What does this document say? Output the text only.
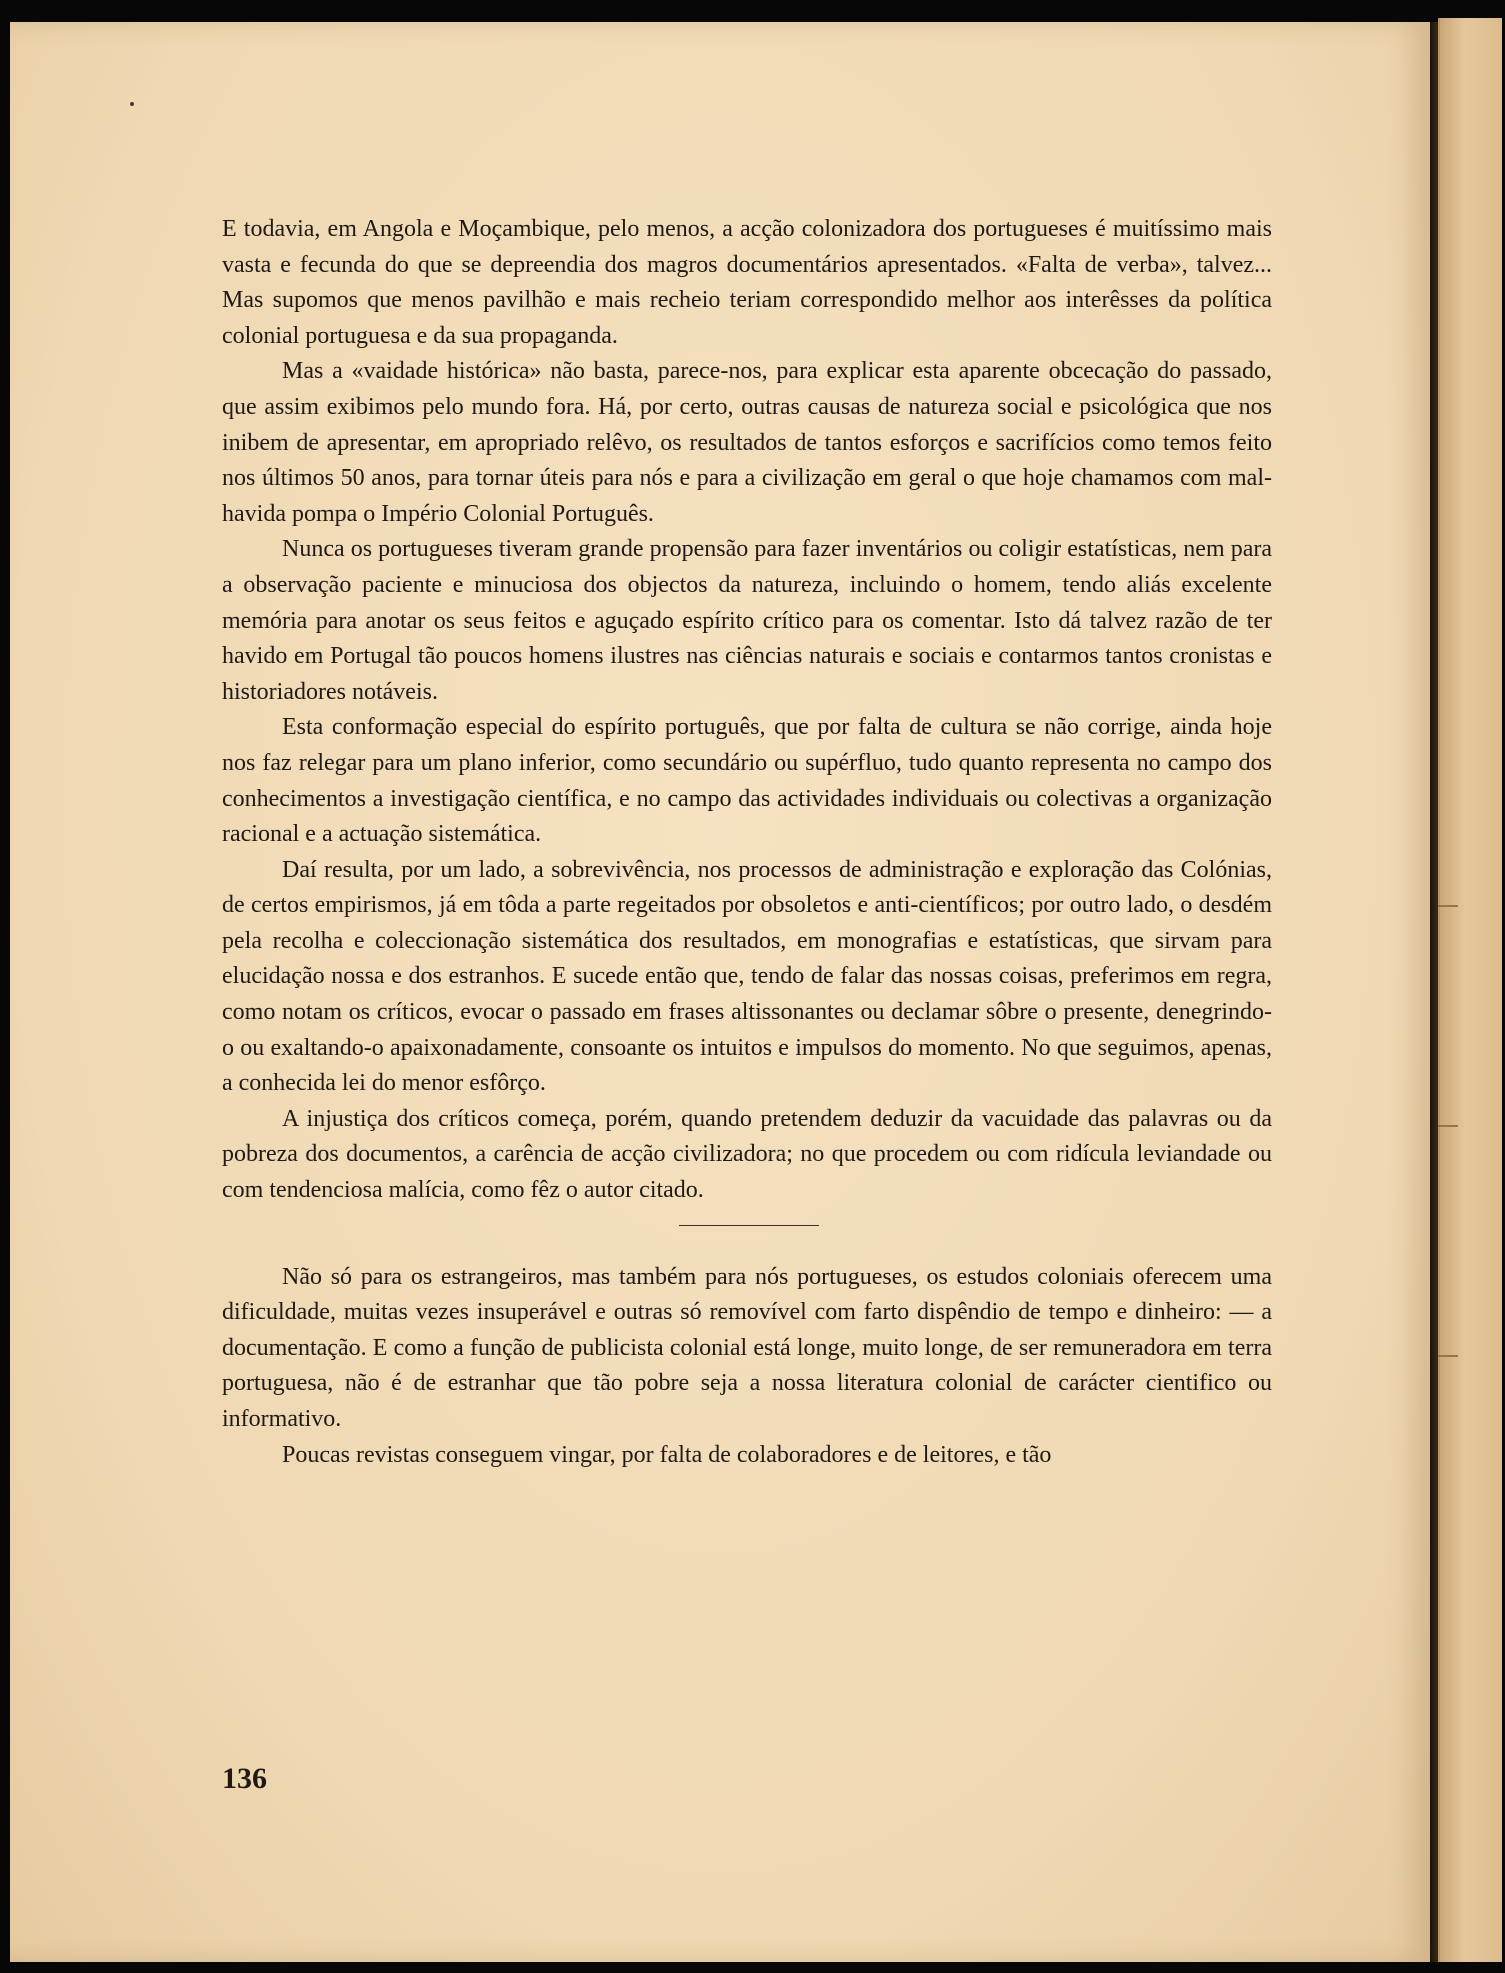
E todavia, em Angola e Moçambique, pelo menos, a acção colonizadora dos portugueses é muitíssimo mais vasta e fecunda do que se depreendia dos magros documentários apresentados. «Falta de verba», talvez... Mas supomos que menos pavilhão e mais recheio teriam correspondido melhor aos interêsses da política colonial portuguesa e da sua propaganda.

Mas a «vaidade histórica» não basta, parece-nos, para explicar esta aparente obcecação do passado, que assim exibimos pelo mundo fora. Há, por certo, outras causas de natureza social e psicológica que nos inibem de apresentar, em apropriado relêvo, os resultados de tantos esforços e sacrifícios como temos feito nos últimos 50 anos, para tornar úteis para nós e para a civilização em geral o que hoje chamamos com mal-havida pompa o Império Colonial Português.

Nunca os portugueses tiveram grande propensão para fazer inventários ou coligir estatísticas, nem para a observação paciente e minuciosa dos objectos da natureza, incluindo o homem, tendo aliás excelente memória para anotar os seus feitos e aguçado espírito crítico para os comentar. Isto dá talvez razão de ter havido em Portugal tão poucos homens ilustres nas ciências naturais e sociais e contarmos tantos cronistas e historiadores notáveis.

Esta conformação especial do espírito português, que por falta de cultura se não corrige, ainda hoje nos faz relegar para um plano inferior, como secundário ou supérfluo, tudo quanto representa no campo dos conhecimentos a investigação científica, e no campo das actividades individuais ou colectivas a organização racional e a actuação sistemática.

Daí resulta, por um lado, a sobrevivência, nos processos de administração e exploração das Colónias, de certos empirismos, já em tôda a parte regeitados por obsoletos e anti-científicos; por outro lado, o desdém pela recolha e coleccionação sistemática dos resultados, em monografias e estatísticas, que sirvam para elucidação nossa e dos estranhos. E sucede então que, tendo de falar das nossas coisas, preferimos em regra, como notam os críticos, evocar o passado em frases altissonantes ou declamar sôbre o presente, denegrindo-o ou exaltando-o apaixonadamente, consoante os intuitos e impulsos do momento. No que seguimos, apenas, a conhecida lei do menor esfôrço.

A injustiça dos críticos começa, porém, quando pretendem deduzir da vacuidade das palavras ou da pobreza dos documentos, a carência de acção civilizadora; no que procedem ou com ridícula leviandade ou com tendenciosa malícia, como fêz o autor citado.

Não só para os estrangeiros, mas também para nós portugueses, os estudos coloniais oferecem uma dificuldade, muitas vezes insuperável e outras só removível com farto dispêndio de tempo e dinheiro: — a documentação. E como a função de publicista colonial está longe, muito longe, de ser remuneradora em terra portuguesa, não é de estranhar que tão pobre seja a nossa literatura colonial de carácter cientifico ou informativo.

Poucas revistas conseguem vingar, por falta de colaboradores e de leitores, e tão

136
